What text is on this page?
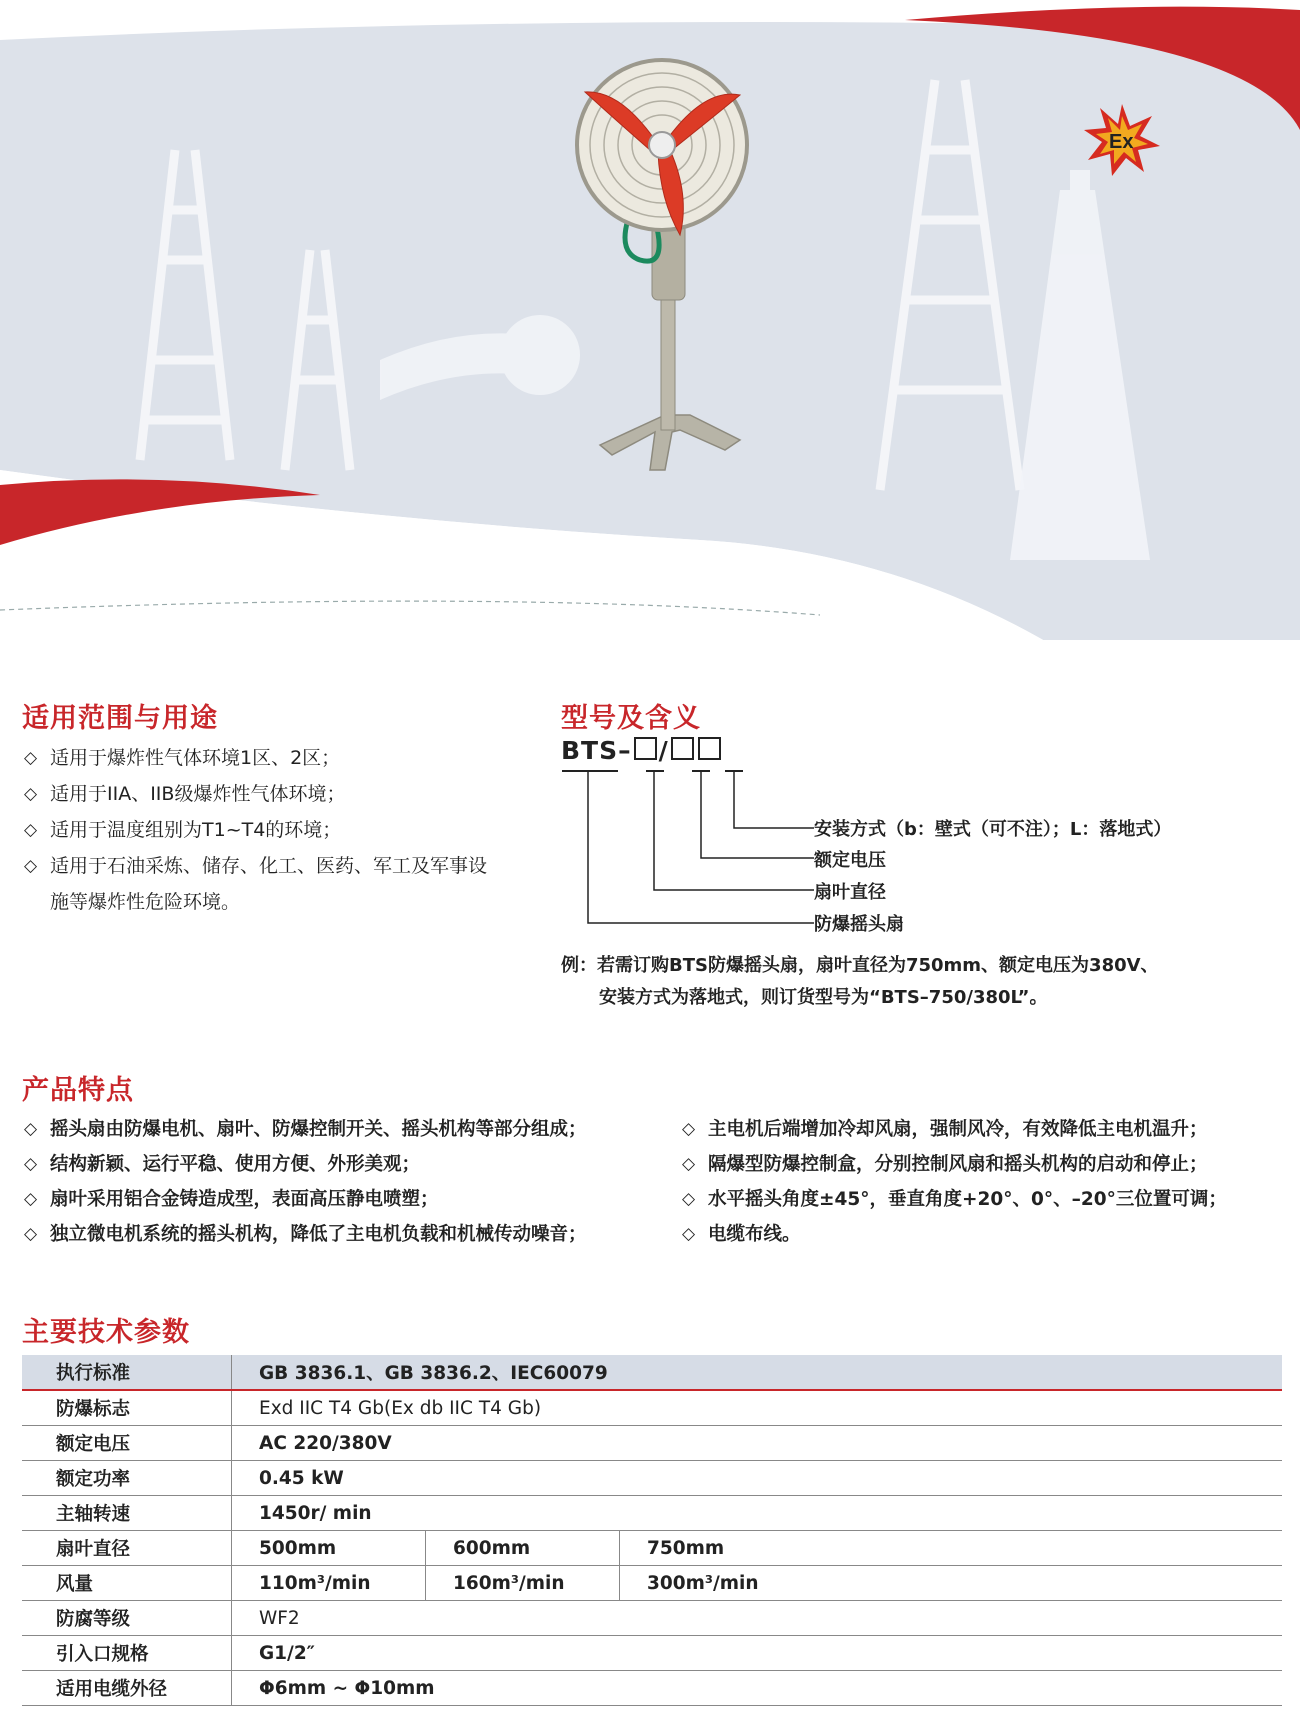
Ex
适用范围与用途
◇ 适用于爆炸性气体环境1区、2区；
◇ 适用于IIA、IIB级爆炸性气体环境；
◇ 适用于温度组别为T1~T4的环境；
◇ 适用于石油采炼、储存、化工、医药、军工及军事设施等爆炸性危险环境。
型号及含义
BTS– /
安装方式（b：壁式（可不注）；L：落地式）
额定电压
扇叶直径
防爆摇头扇
例：若需订购BTS防爆摇头扇，扇叶直径为750mm、额定电压为380V、
安装方式为落地式，则订货型号为“BTS–750/380L”。
产品特点
◇ 摇头扇由防爆电机、扇叶、防爆控制开关、摇头机构等部分组成；
◇ 结构新颖、运行平稳、使用方便、外形美观；
◇ 扇叶采用铝合金铸造成型，表面高压静电喷塑；
◇ 独立微电机系统的摇头机构，降低了主电机负载和机械传动噪音；
◇ 主电机后端增加冷却风扇，强制风冷，有效降低主电机温升；
◇ 隔爆型防爆控制盒，分别控制风扇和摇头机构的启动和停止；
◇ 水平摇头角度±45°，垂直角度+20°、0°、–20°三位置可调；
◇ 电缆布线。
主要技术参数
执行标准	GB 3836.1、GB 3836.2、IEC60079		
防爆标志	Exd IIC T4 Gb(Ex db IIC T4 Gb)		
额定电压	AC 220/380V		
额定功率	0.45 kW		
主轴转速	1450r/ min		
扇叶直径	500mm	600mm	750mm
风量	110m³/min	160m³/min	300m³/min
防腐等级	WF2		
引入口规格	G1/2″		
适用电缆外径	Φ6mm ~ Φ10mm		
